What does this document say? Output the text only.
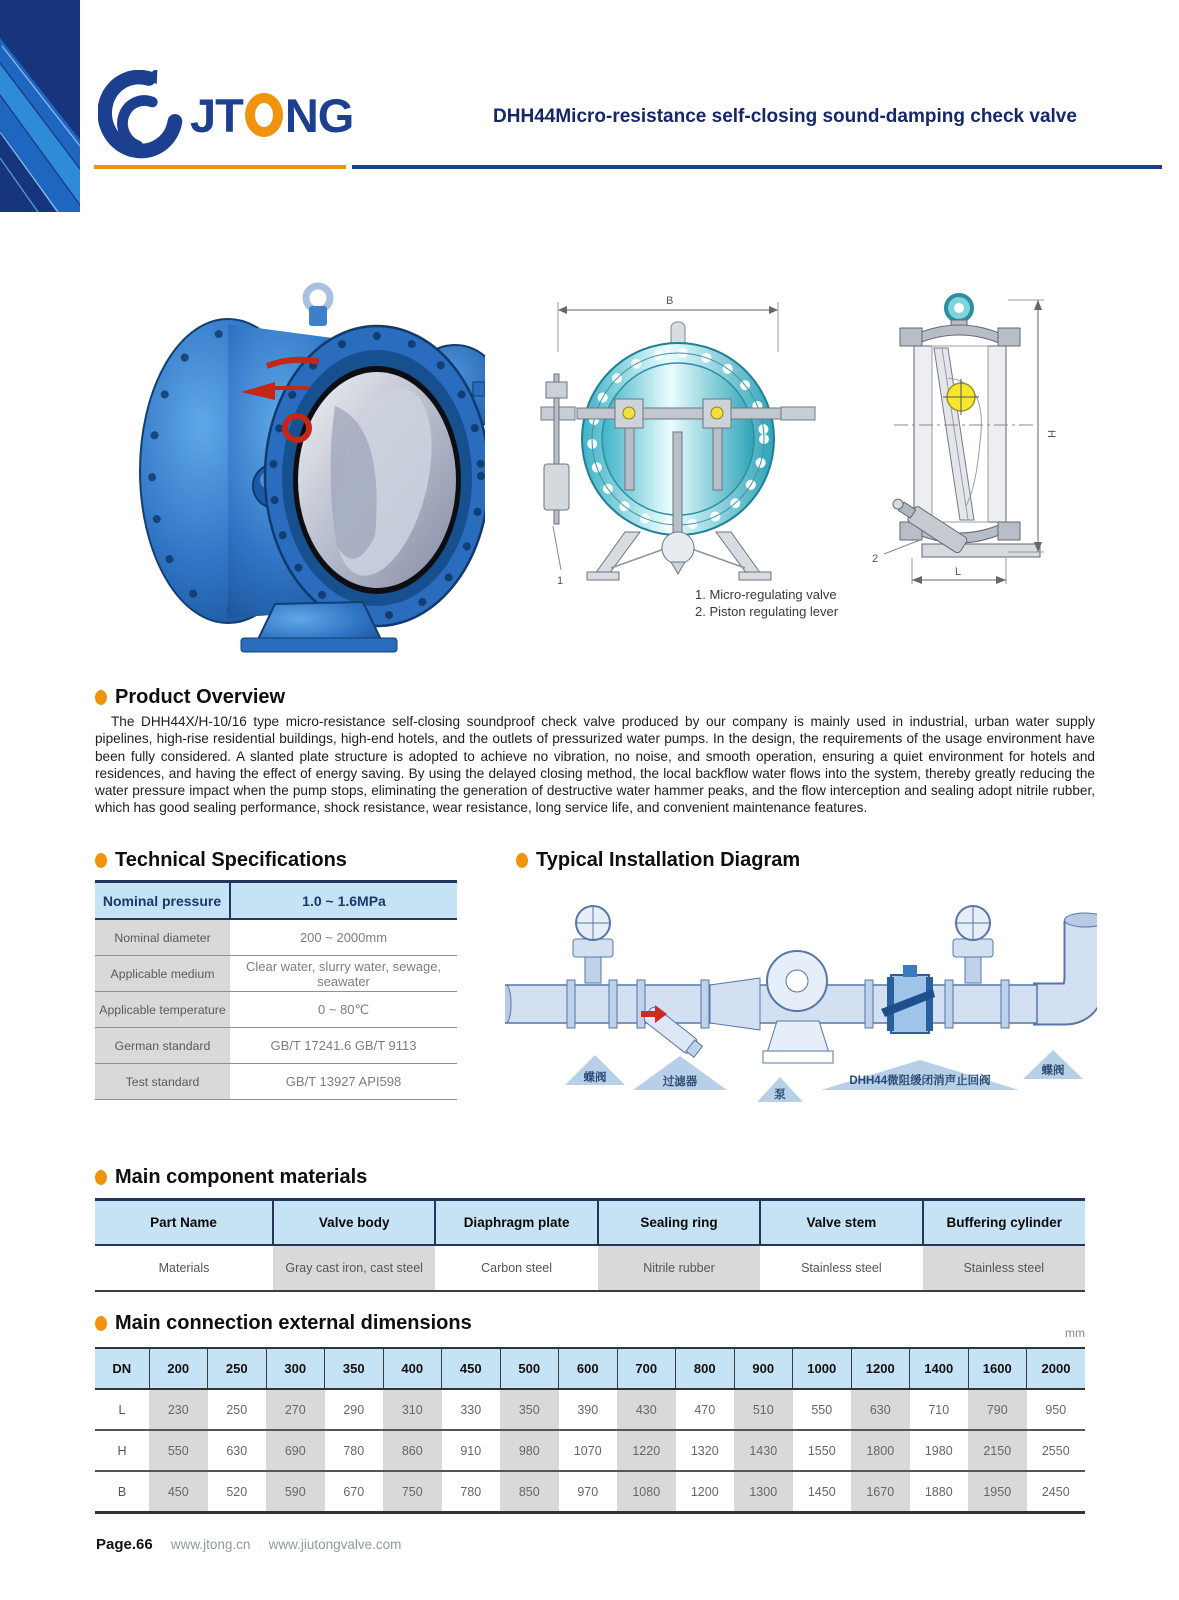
JT NG	DHH44Micro-resistance self-closing sound-damping check valve
B
1
H
L
2
1. Micro-regulating valve
2. Piston regulating lever
Product Overview
The DHH44X/H-10/16 type micro-resistance self-closing soundproof check valve produced by our company is mainly used in industrial, urban water supply pipelines, high-rise residential buildings, high-end hotels, and the outlets of pressurized water pumps. In the design, the requirements of the usage environment have been fully considered. A slanted plate structure is adopted to achieve no vibration, no noise, and smooth operation, ensuring a quiet environment for hotels and residences, and having the effect of energy saving. By using the delayed closing method, the local backflow water flows into the system, thereby greatly reducing the water pressure impact when the pump stops, eliminating the generation of destructive water hammer peaks, and the flow interception and sealing adopt nitrile rubber, which has good sealing performance, shock resistance, wear resistance, long service life, and convenient maintenance features.
Technical Specifications
Nominal pressure	1.0 ~ 1.6MPa
Nominal diameter	200 ~ 2000mm
Applicable medium	Clear water, slurry water, sewage, seawater
Applicable temperature	0 ~ 80℃
German standard	GB/T 17241.6 GB/T 9113
Test standard	GB/T 13927 API598
Typical Installation Diagram
蝶阀	过滤器
泵
DHH44微阻缓闭消声止回阀
蝶阀
Main component materials
Part Name	Valve body	Diaphragm plate	Sealing ring	Valve stem	Buffering cylinder
Materials	Gray cast iron, cast steel	Carbon steel	Nitrile rubber	Stainless steel	Stainless steel
Main connection external dimensions	mm
DN	200	250	300	350	400	450	500	600	700	800	900	1000	1200	1400	1600	2000
L	230	250	270	290	310	330	350	390	430	470	510	550	630	710	790	950
H	550	630	690	780	860	910	980	1070	1220	1320	1430	1550	1800	1980	2150	2550
B	450	520	590	670	750	780	850	970	1080	1200	1300	1450	1670	1880	1950	2450
Page.66 www.jtong.cn www.jiutongvalve.com
